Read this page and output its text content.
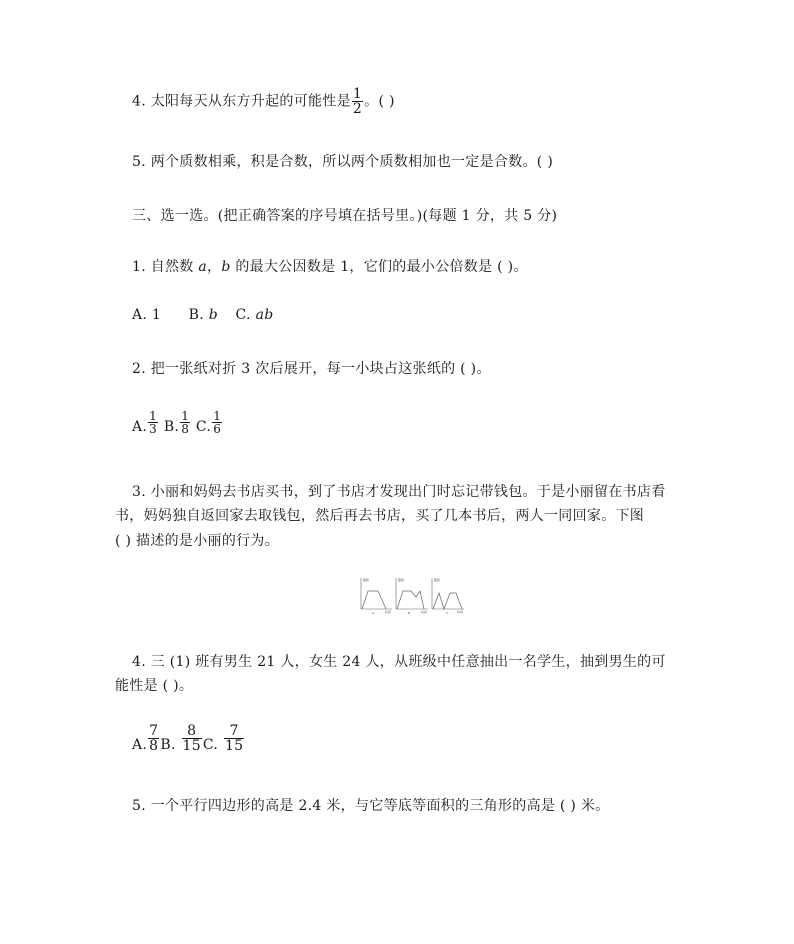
4. 太阳每天从东方升起的可能性是 $\frac{1}{2}$ 。( )
5. 两个质数相乘，积是合数，所以两个质数相加也一定是合数。( )
三、选一选。(把正确答案的序号填在括号里。)(每题 1 分，共 5 分)
1. 自然数 a，b 的最大公因数是 1，它们的最小公倍数是 ( )。
A. 1 B. b C. ab
2. 把一张纸对折 3 次后展开，每一小块占这张纸的 ( )。
A. $\frac{1}{3} B$. $\frac{1}{8} C$. $\frac{1}{6}$
3. 小丽和妈妈去书店买书，到了书店才发现出门时忘记带钱包。于是小丽留在书店看
书，妈妈独自返回家去取钱包，然后再去书店，买了几本书后，两人一同回家。下图
( ) 描述的是小丽的行为。
路程
A	时间
路程
B	时间
路程
C	时间
4. 三 (1) 班有男生 21 人，女生 24 人，从班级中任意抽出一名学生，抽到男生的可
能性是 ( )。
A. $\frac{7}{8} B$. $\frac{8}{15} C$. $\frac{7}{15}$
5. 一个平行四边形的高是 2.4 米，与它等底等面积的三角形的高是 ( ) 米。
